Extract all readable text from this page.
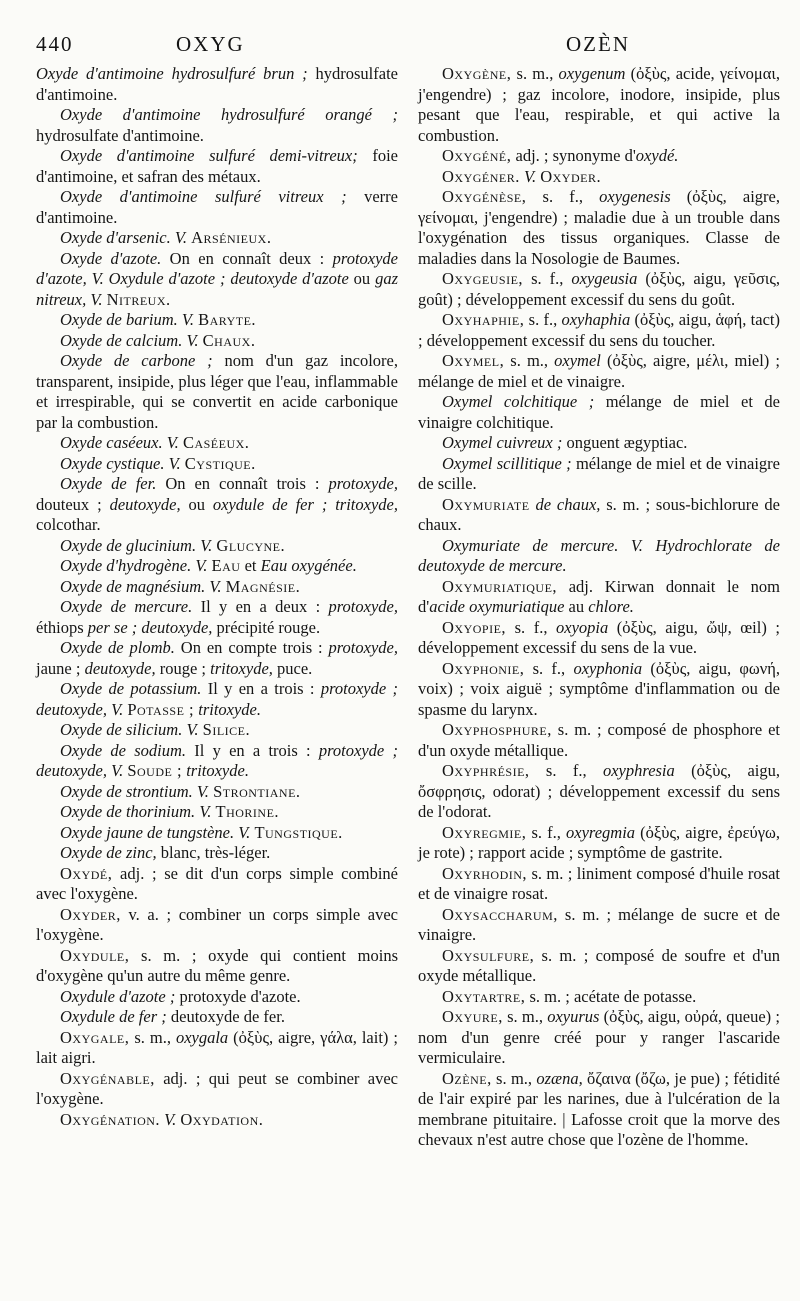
440	OXYG	OZÈN

Oxyde d'antimoine hydrosulfuré brun ; hydrosulfate d'antimoine.

Oxyde d'antimoine hydrosulfuré orangé ; hydrosulfate d'antimoine.

Oxyde d'antimoine sulfuré demi-vitreux; foie d'antimoine, et safran des métaux.

Oxyde d'antimoine sulfuré vitreux ; verre d'antimoine.

Oxyde d'arsenic. V. Arsénieux.

Oxyde d'azote. On en connaît deux : protoxyde d'azote, V. Oxydule d'azote ; deutoxyde d'azote ou gaz nitreux, V. Nitreux.

Oxyde de barium. V. Baryte.

Oxyde de calcium. V. Chaux.

Oxyde de carbone ; nom d'un gaz incolore, transparent, insipide, plus léger que l'eau, inflammable et irrespirable, qui se convertit en acide carbonique par la combustion.

Oxyde caséeux. V. Caséeux.

Oxyde cystique. V. Cystique.

Oxyde de fer. On en connaît trois : protoxyde, douteux ; deutoxyde, ou oxydule de fer ; tritoxyde, colcothar.

Oxyde de glucinium. V. Glucyne.

Oxyde d'hydrogène. V. Eau et Eau oxygénée.

Oxyde de magnésium. V. Magnésie.

Oxyde de mercure. Il y en a deux : protoxyde, éthiops per se ; deutoxyde, précipité rouge.

Oxyde de plomb. On en compte trois : protoxyde, jaune ; deutoxyde, rouge ; tritoxyde, puce.

Oxyde de potassium. Il y en a trois : protoxyde ; deutoxyde, V. Potasse ; tritoxyde.

Oxyde de silicium. V. Silice.

Oxyde de sodium. Il y en a trois : protoxyde ; deutoxyde, V. Soude ; tritoxyde.

Oxyde de strontium. V. Strontiane.

Oxyde de thorinium. V. Thorine.

Oxyde jaune de tungstène. V. Tungstique.

Oxyde de zinc, blanc, très-léger.

Oxydé, adj. ; se dit d'un corps simple combiné avec l'oxygène.

Oxyder, v. a. ; combiner un corps simple avec l'oxygène.

Oxydule, s. m. ; oxyde qui contient moins d'oxygène qu'un autre du même genre.

Oxydule d'azote ; protoxyde d'azote.

Oxydule de fer ; deutoxyde de fer.

Oxygale, s. m., oxygala (ὀξὺς, aigre, γάλα, lait) ; lait aigri.

Oxygénable, adj. ; qui peut se combiner avec l'oxygène.

Oxygénation. V. Oxydation.

Oxygène, s. m., oxygenum (ὀξὺς, acide, γείνομαι, j'engendre) ; gaz incolore, inodore, insipide, plus pesant que l'eau, respirable, et qui active la combustion.

Oxygéné, adj. ; synonyme d'oxydé.

Oxygéner. V. Oxyder.

Oxygénèse, s. f., oxygenesis (ὀξὺς, aigre, γείνομαι, j'engendre) ; maladie due à un trouble dans l'oxygénation des tissus organiques. Classe de maladies dans la Nosologie de Baumes.

Oxygeusie, s. f., oxygeusia (ὀξὺς, aigu, γεῦσις, goût) ; développement excessif du sens du goût.

Oxyhaphie, s. f., oxyhaphia (ὀξὺς, aigu, ἁφή, tact) ; développement excessif du sens du toucher.

Oxymel, s. m., oxymel (ὀξὺς, aigre, μέλι, miel) ; mélange de miel et de vinaigre.

Oxymel colchitique ; mélange de miel et de vinaigre colchitique.

Oxymel cuivreux ; onguent ægyptiac.

Oxymel scillitique ; mélange de miel et de vinaigre de scille.

Oxymuriate de chaux, s. m. ; sous-bichlorure de chaux.

Oxymuriate de mercure. V. Hydrochlorate de deutoxyde de mercure.

Oxymuriatique, adj. Kirwan donnait le nom d'acide oxymuriatique au chlore.

Oxyopie, s. f., oxyopia (ὀξὺς, aigu, ὤψ, œil) ; développement excessif du sens de la vue.

Oxyphonie, s. f., oxyphonia (ὀξὺς, aigu, φωνή, voix) ; voix aiguë ; symptôme d'inflammation ou de spasme du larynx.

Oxyphosphure, s. m. ; composé de phosphore et d'un oxyde métallique.

Oxyphrésie, s. f., oxyphresia (ὀξὺς, aigu, ὄσφρησις, odorat) ; développement excessif du sens de l'odorat.

Oxyregmie, s. f., oxyregmia (ὀξὺς, aigre, ἐρεύγω, je rote) ; rapport acide ; symptôme de gastrite.

Oxyrhodin, s. m. ; liniment composé d'huile rosat et de vinaigre rosat.

Oxysaccharum, s. m. ; mélange de sucre et de vinaigre.

Oxysulfure, s. m. ; composé de soufre et d'un oxyde métallique.

Oxytartre, s. m. ; acétate de potasse.

Oxyure, s. m., oxyurus (ὀξὺς, aigu, οὐρά, queue) ; nom d'un genre créé pour y ranger l'ascaride vermiculaire.

Ozène, s. m., ozæna, ὄζαινα (ὄζω, je pue) ; fétidité de l'air expiré par les narines, due à l'ulcération de la membrane pituitaire. | Lafosse croit que la morve des chevaux n'est autre chose que l'ozène de l'homme.
